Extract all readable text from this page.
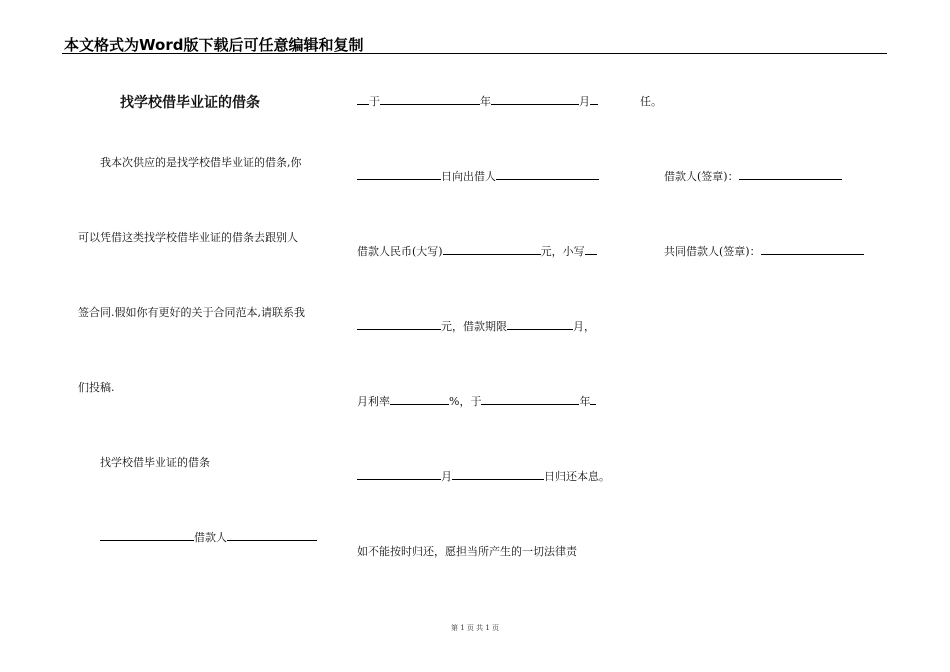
本文格式为Word版下载后可任意编辑和复制
找学校借毕业证的借条
我本次供应的是找学校借毕业证的借条,你
可以凭借这类找学校借毕业证的借条去跟别人
签合同.假如你有更好的关于合同范本,请联系我
们投稿.
找学校借毕业证的借条
借款人
于	年	月
日向出借人
借款人民币(大写)	元，小写
元，借款期限	月，
月利率	%，于	年
月	日归还本息。
如不能按时归还，愿担当所产生的一切法律责
任。
借款人(签章)：
共同借款人(签章)：
第 1 页 共 1 页
